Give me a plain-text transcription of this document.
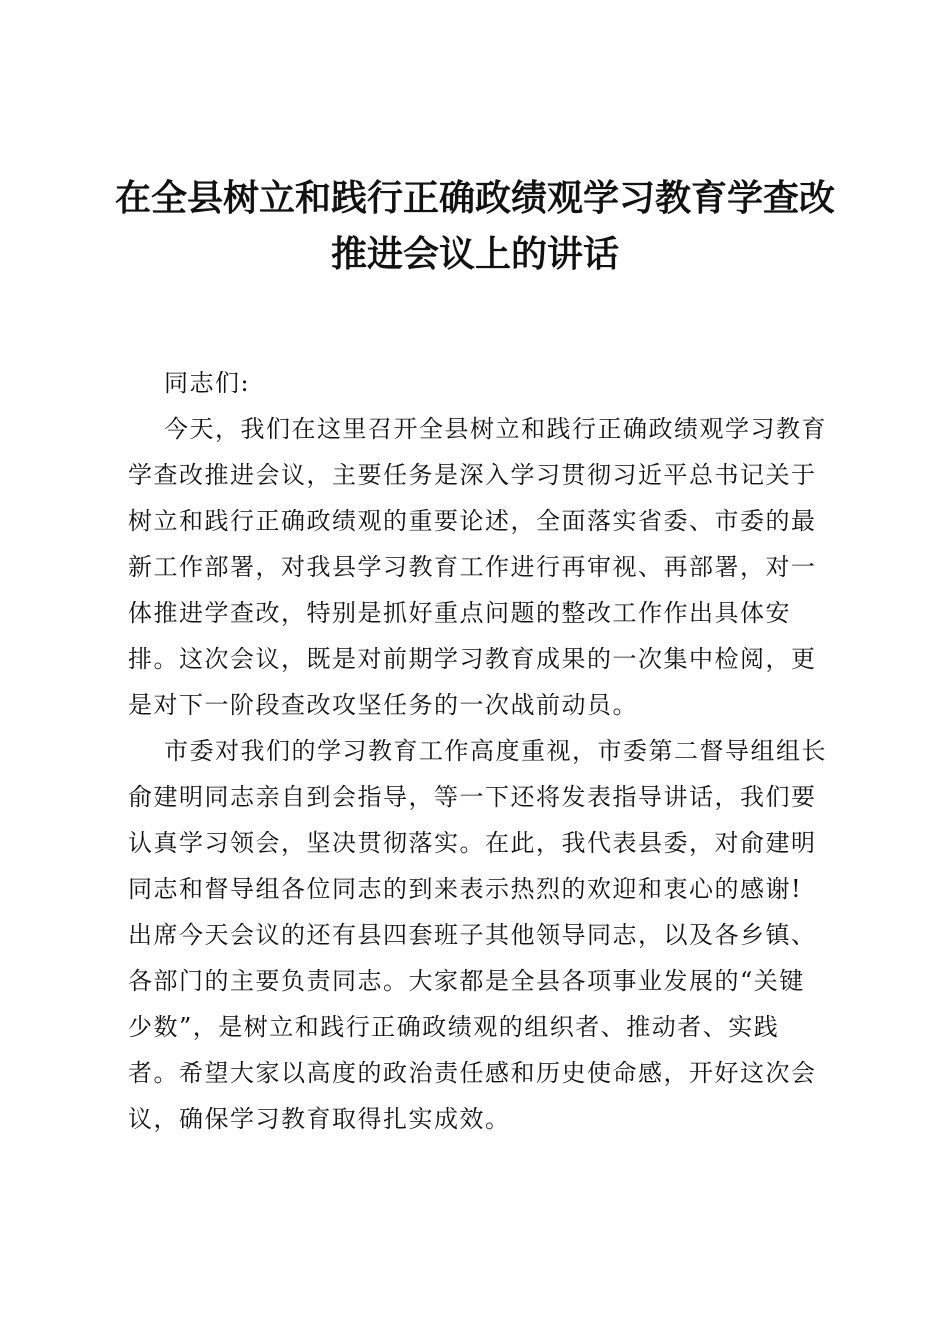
在全县树立和践行正确政绩观学习教育学查改
推进会议上的讲话
同志们:
今天，我们在这里召开全县树立和践行正确政绩观学习教育
学查改推进会议，主要任务是深入学习贯彻习近平总书记关于
树立和践行正确政绩观的重要论述，全面落实省委、市委的最
新工作部署，对我县学习教育工作进行再审视、再部署，对一
体推进学查改，特别是抓好重点问题的整改工作作出具体安
排。这次会议，既是对前期学习教育成果的一次集中检阅，更
是对下一阶段查改攻坚任务的一次战前动员。
市委对我们的学习教育工作高度重视，市委第二督导组组长
俞建明同志亲自到会指导，等一下还将发表指导讲话，我们要
认真学习领会，坚决贯彻落实。在此，我代表县委，对俞建明
同志和督导组各位同志的到来表示热烈的欢迎和衷心的感谢!
出席今天会议的还有县四套班子其他领导同志，以及各乡镇、
各部门的主要负责同志。大家都是全县各项事业发展的“关键
少数”，是树立和践行正确政绩观的组织者、推动者、实践
者。希望大家以高度的政治责任感和历史使命感，开好这次会
议，确保学习教育取得扎实成效。
